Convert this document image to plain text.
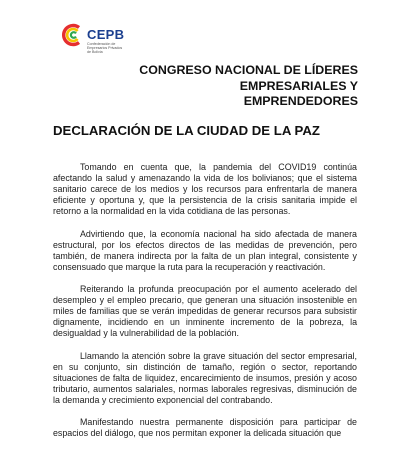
CEPB
Confederación de Empresarios Privados de Bolivia
CONGRESO NACIONAL DE LÍDERES EMPRESARIALES Y EMPRENDEDORES
DECLARACIÓN DE LA CIUDAD DE LA PAZ

Tomando en cuenta que, la pandemia del COVID19 continúa afectando la salud y amenazando la vida de los bolivianos; que el sistema sanitario carece de los medios y los recursos para enfrentarla de manera eficiente y oportuna y, que la persistencia de la crisis sanitaria impide el retorno a la normalidad en la vida cotidiana de las personas.

Advirtiendo que, la economía nacional ha sido afectada de manera estructural, por los efectos directos de las medidas de prevención, pero también, de manera indirecta por la falta de un plan integral, consistente y consensuado que marque la ruta para la recuperación y reactivación.

Reiterando la profunda preocupación por el aumento acelerado del desempleo y el empleo precario, que generan una situación insostenible en miles de familias que se verán impedidas de generar recursos para subsistir dignamente, incidiendo en un inminente incremento de la pobreza, la desigualdad y la vulnerabilidad de la población.

Llamando la atención sobre la grave situación del sector empresarial, en su conjunto, sin distinción de tamaño, región o sector, reportando situaciones de falta de liquidez, encarecimiento de insumos, presión y acoso tributario, aumentos salariales, normas laborales regresivas, disminución de la demanda y crecimiento exponencial del contrabando.

Manifestando nuestra permanente disposición para participar de espacios del diálogo, que nos permitan exponer la delicada situación que
